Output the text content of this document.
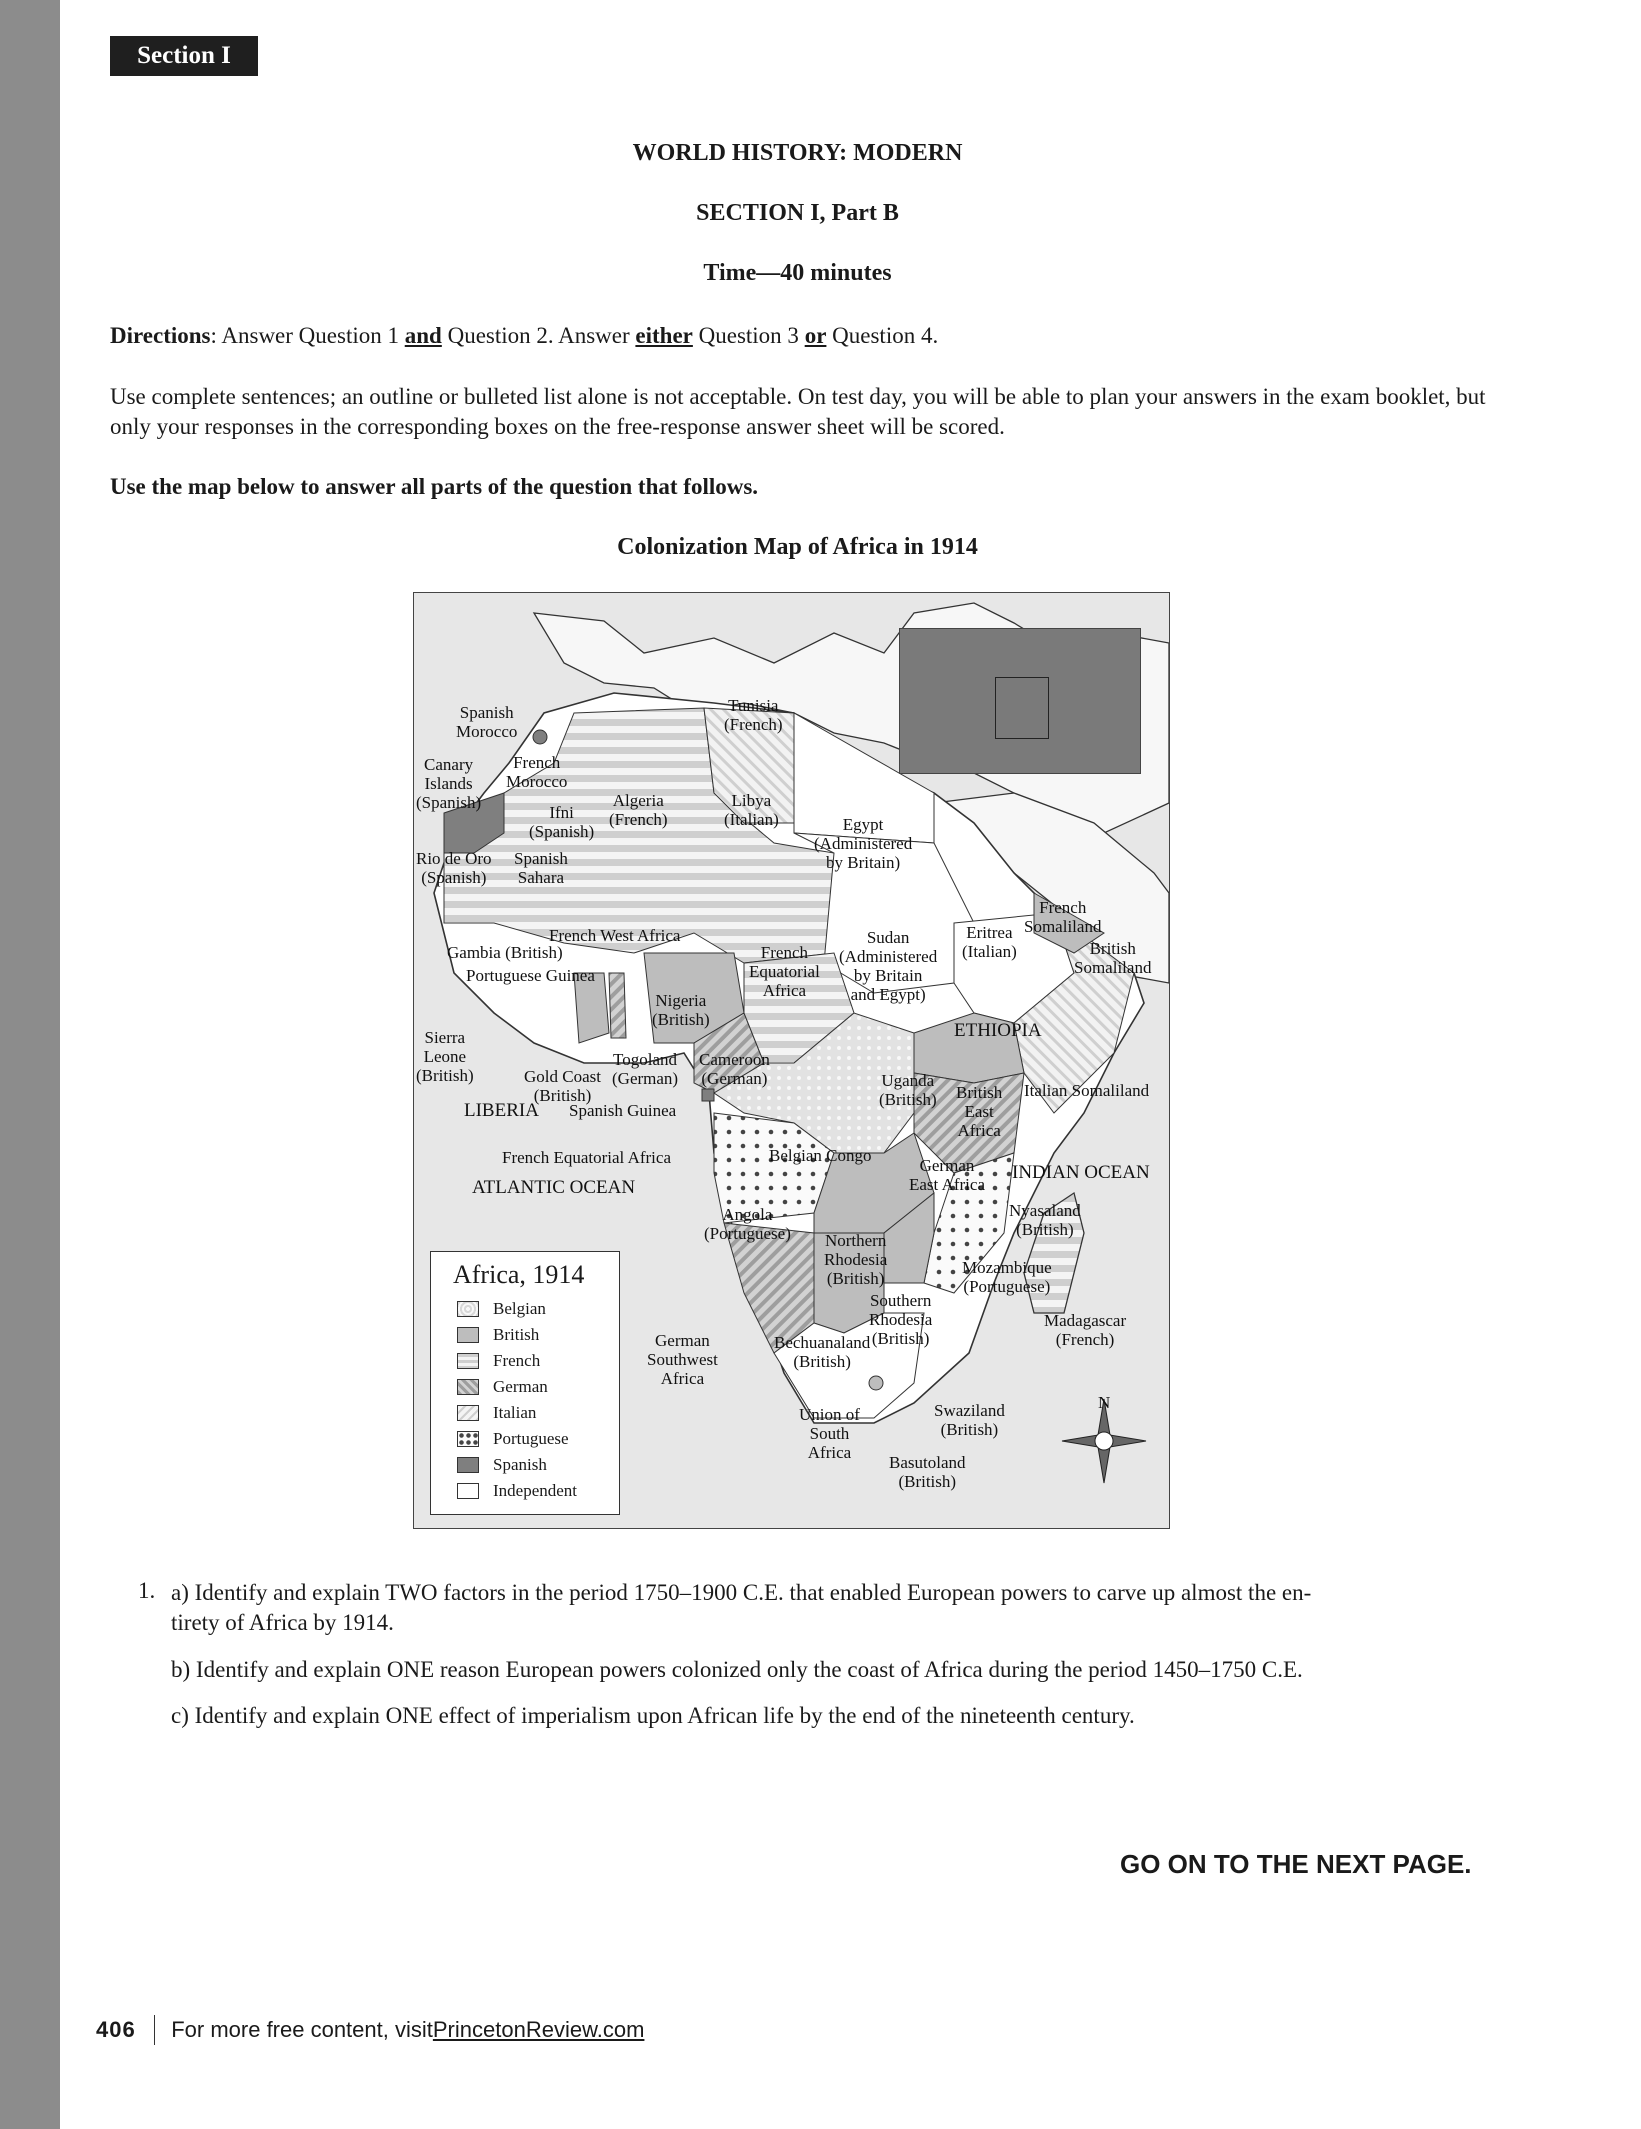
Section I
WORLD HISTORY: MODERN
SECTION I, Part B
Time—40 minutes
Directions: Answer Question 1 and Question 2. Answer either Question 3 or Question 4.
Use complete sentences; an outline or bulleted list alone is not acceptable. On test day, you will be able to plan your answers in the exam booklet, but only your responses in the corresponding boxes on the free-response answer sheet will be scored.
Use the map below to answer all parts of the question that follows.
Colonization Map of Africa in 1914
Spanish
Morocco
Tunisia
(French)
Canary
Islands
(Spanish)
French
Morocco
Ifni
(Spanish)
Algeria
(French)
Libya
(Italian)	Egypt
(Administered
by Britain)
Rio de Oro
(Spanish)
Spanish
Sahara
French
Somaliland
French West Africa
Gambia (British)
Portuguese Guinea
French
Equatorial
Africa
Sudan
(Administered
by Britain
and Egypt)
Eritrea
(Italian)	British
Somaliland
Nigeria
(British)
ETHIOPIA
Sierra
Leone
(British)
Togoland
(German)
Cameroon
(German)
Gold Coast
(British)
Uganda
(British) British
East
Africa
Italian Somaliland
LIBERIA Spanish Guinea
French Equatorial Africa	Belgian Congo
German
East Africa
INDIAN OCEAN
ATLANTIC OCEAN
Angola
(Portuguese)
Nyasaland
(British)
Northern
Rhodesia
(British)
Mozambique
(Portuguese)
Southern
Rhodesia
(British)
Madagascar
(French)
German
Southwest
Africa
Bechuanaland
(British)
Swaziland
(British)
Union of
South
Africa
Basutoland
(British)
N
Africa, 1914
Belgian
British
French
German
Italian
Portuguese
Spanish
Independent
1. a) Identify and explain TWO factors in the period 1750–1900 C.E. that enabled European powers to carve up almost the en-
tirety of Africa by 1914.
b) Identify and explain ONE reason European powers colonized only the coast of Africa during the period 1450–1750 C.E.
c) Identify and explain ONE effect of imperialism upon African life by the end of the nineteenth century.
GO ON TO THE NEXT PAGE.
406 For more free content, visit PrincetonReview.com
